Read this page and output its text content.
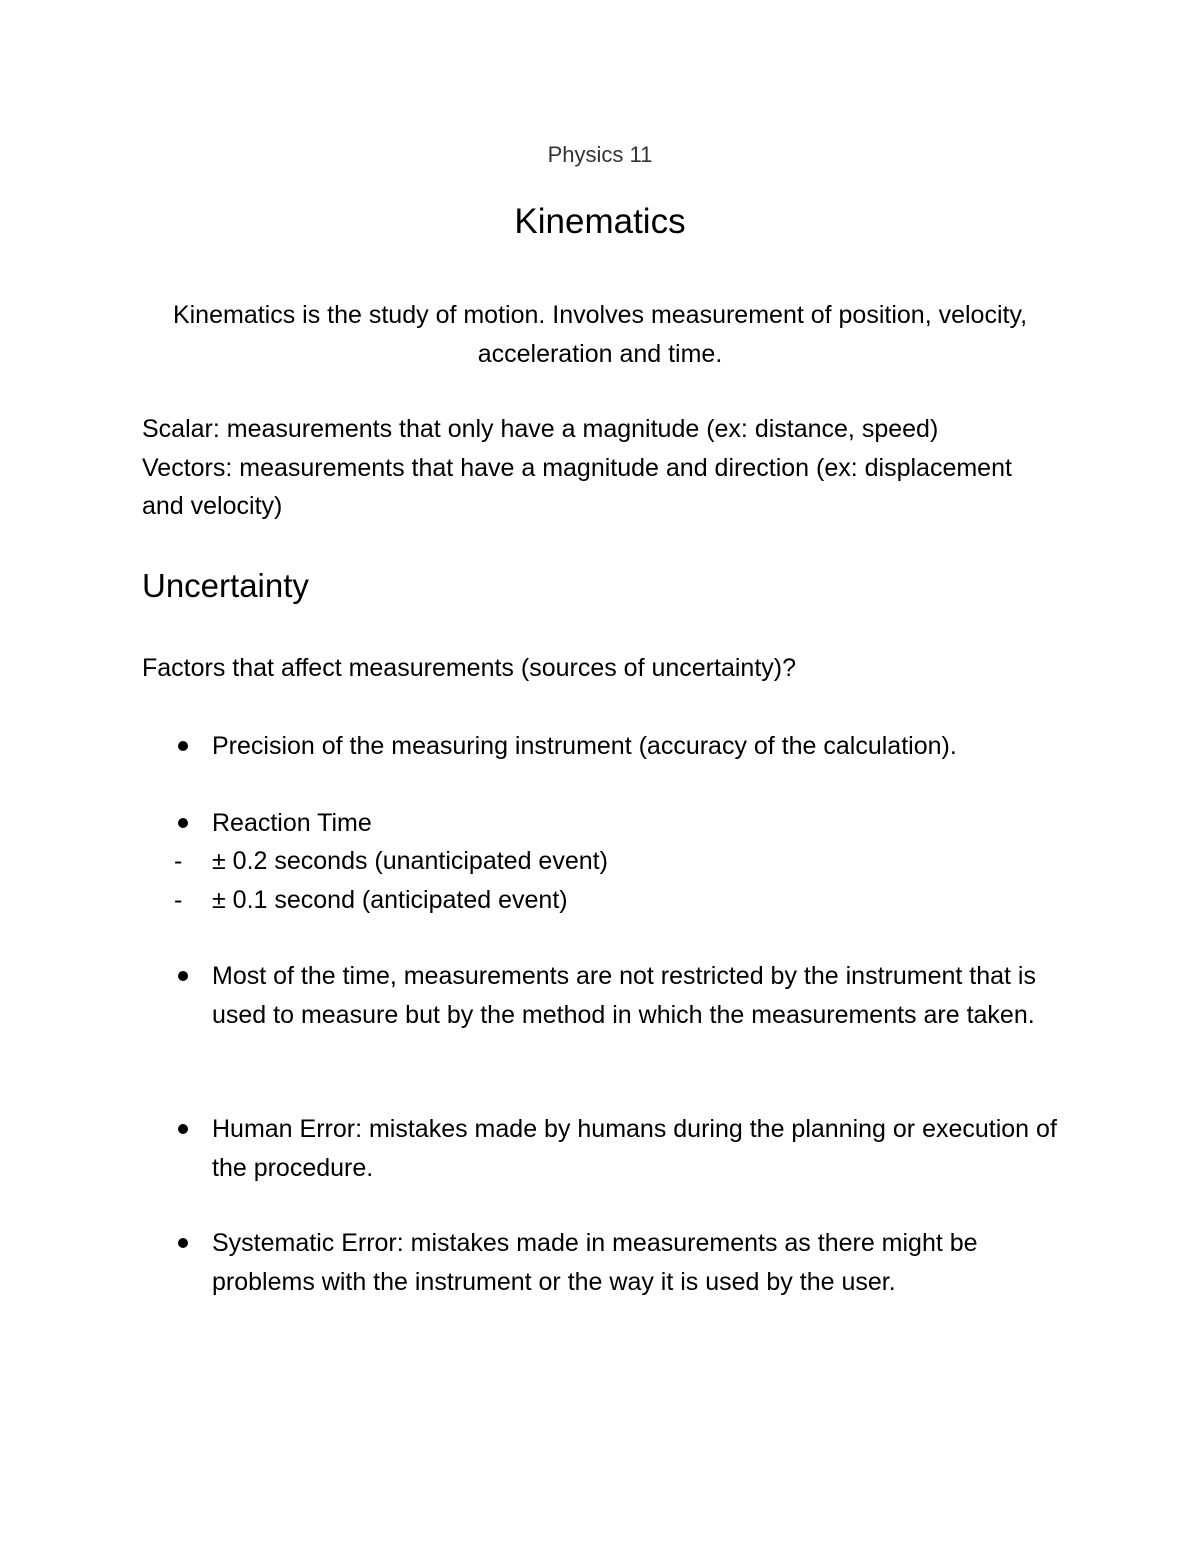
Physics 11
Kinematics
Kinematics is the study of motion. Involves measurement of position, velocity, acceleration and time.

Scalar: measurements that only have a magnitude (ex: distance, speed)

Vectors: measurements that have a magnitude and direction (ex: displacement and velocity)

Uncertainty
Factors that affect measurements (sources of uncertainty)?
Precision of the measuring instrument (accuracy of the calculation).
Reaction Time
- ± 0.2 seconds (unanticipated event)
- ± 0.1 second (anticipated event)
Most of the time, measurements are not restricted by the instrument that is used to measure but by the method in which the measurements are taken.
Human Error: mistakes made by humans during the planning or execution of the procedure.
Systematic Error: mistakes made in measurements as there might be problems with the instrument or the way it is used by the user.
